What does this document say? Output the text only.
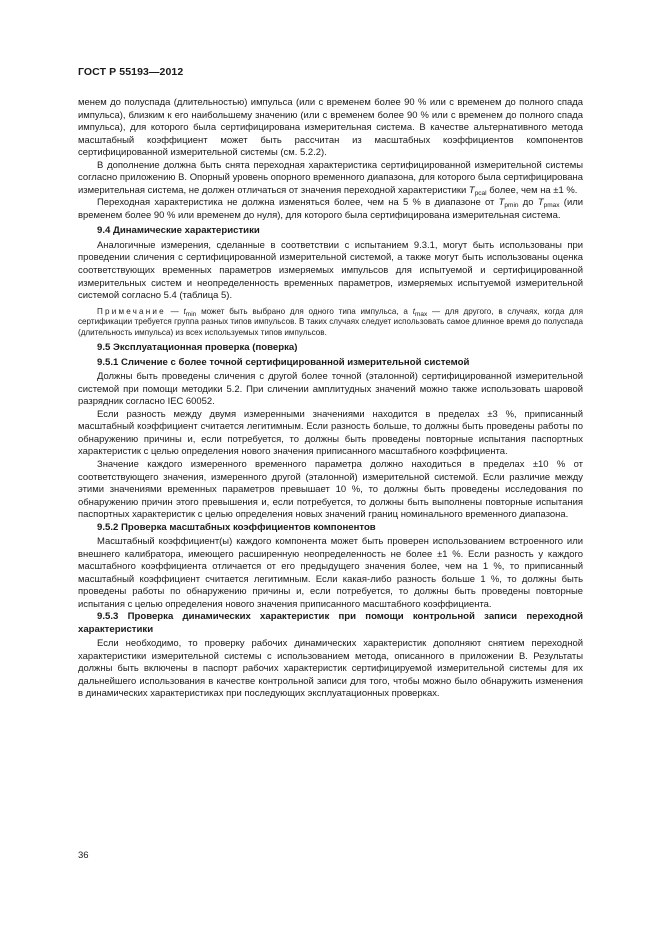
ГОСТ Р 55193—2012

менем до полуспада (длительностью) импульса (или с временем более 90 % или с временем до полного спада импульса), близким к его наибольшему значению (или с временем более 90 % или с временем до полного спада импульса), для которого была сертифицирована измерительная система. В качестве альтернативного метода масштабный коэффициент может быть рассчитан из масштабных коэффициентов компонентов сертифицированной измерительной системы (см. 5.2.2).

В дополнение должна быть снята переходная характеристика сертифицированной измерительной системы согласно приложению В. Опорный уровень опорного временного диапазона, для которого была сертифицирована измерительная система, не должен отличаться от значения переходной характеристики $T_{pcal}$ более, чем на ±1 %.

Переходная характеристика не должна изменяться более, чем на 5 % в диапазоне от $T_{pmin}$ до $T_{pmax}$ (или временем более 90 % или временем до нуля), для которого была сертифицирована измерительная система.

9.4 Динамические характеристики

Аналогичные измерения, сделанные в соответствии с испытанием 9.3.1, могут быть использованы при проведении сличения с сертифицированной измерительной системой, а также могут быть использованы оценка соответствующих временных параметров измеряемых импульсов для испытуемой и сертифицированной измерительных систем и неопределенность временных параметров, измеряемых испытуемой измерительной системой согласно 5.4 (таблица 5).

Примечание — $t_{min}$ может быть выбрано для одного типа импульса, а $t_{max}$ — для другого, в случаях, когда для сертификации требуется группа разных типов импульсов. В таких случаях следует использовать самое длинное время до полуспада (длительность импульса) из всех используемых типов импульсов.
9.5 Эксплуатационная проверка (поверка)
9.5.1 Сличение с более точной сертифицированной измерительной системой

Должны быть проведены сличения с другой более точной (эталонной) сертифицированной измерительной системой при помощи методики 5.2. При сличении амплитудных значений можно также использовать шаровой разрядник согласно IEC 60052.

Если разность между двумя измеренными значениями находится в пределах ±3 %, приписанный масштабный коэффициент считается легитимным. Если разность больше, то должны быть проведены работы по обнаружению причины и, если потребуется, то должны быть проведены повторные испытания паспортных характеристик с целью определения нового значения приписанного масштабного коэффициента.

Значение каждого измеренного временного параметра должно находиться в пределах ±10 % от соответствующего значения, измеренного другой (эталонной) измерительной системой. Если различие между этими значениями временных параметров превышает 10 %, то должны быть проведены исследования по обнаружению причин этого превышения и, если потребуется, то должны быть выполнены повторные испытания паспортных характеристик с целью определения новых значений границ номинального временного диапазона.

9.5.2 Проверка масштабных коэффициентов компонентов

Масштабный коэффициент(ы) каждого компонента может быть проверен использованием встроенного или внешнего калибратора, имеющего расширенную неопределенность не более ±1 %. Если разность у каждого масштабного коэффициента отличается от его предыдущего значения более, чем на 1 %, то приписанный масштабный коэффициент считается легитимным. Если какая-либо разность больше 1 %, то должны быть проведены работы по обнаружению причины и, если потребуется, то должны быть проведены повторные испытания с целью определения нового значения приписанного масштабного коэффициента.

9.5.3 Проверка динамических характеристик при помощи контрольной записи переходной характеристики

Если необходимо, то проверку рабочих динамических характеристик дополняют снятием переходной характеристики измерительной системы с использованием метода, описанного в приложении В. Результаты должны быть включены в паспорт рабочих характеристик сертифицируемой измерительной системы для их дальнейшего использования в качестве контрольной записи для того, чтобы можно было обнаружить изменения в динамических характеристиках при последующих эксплуатационных проверках.

36
